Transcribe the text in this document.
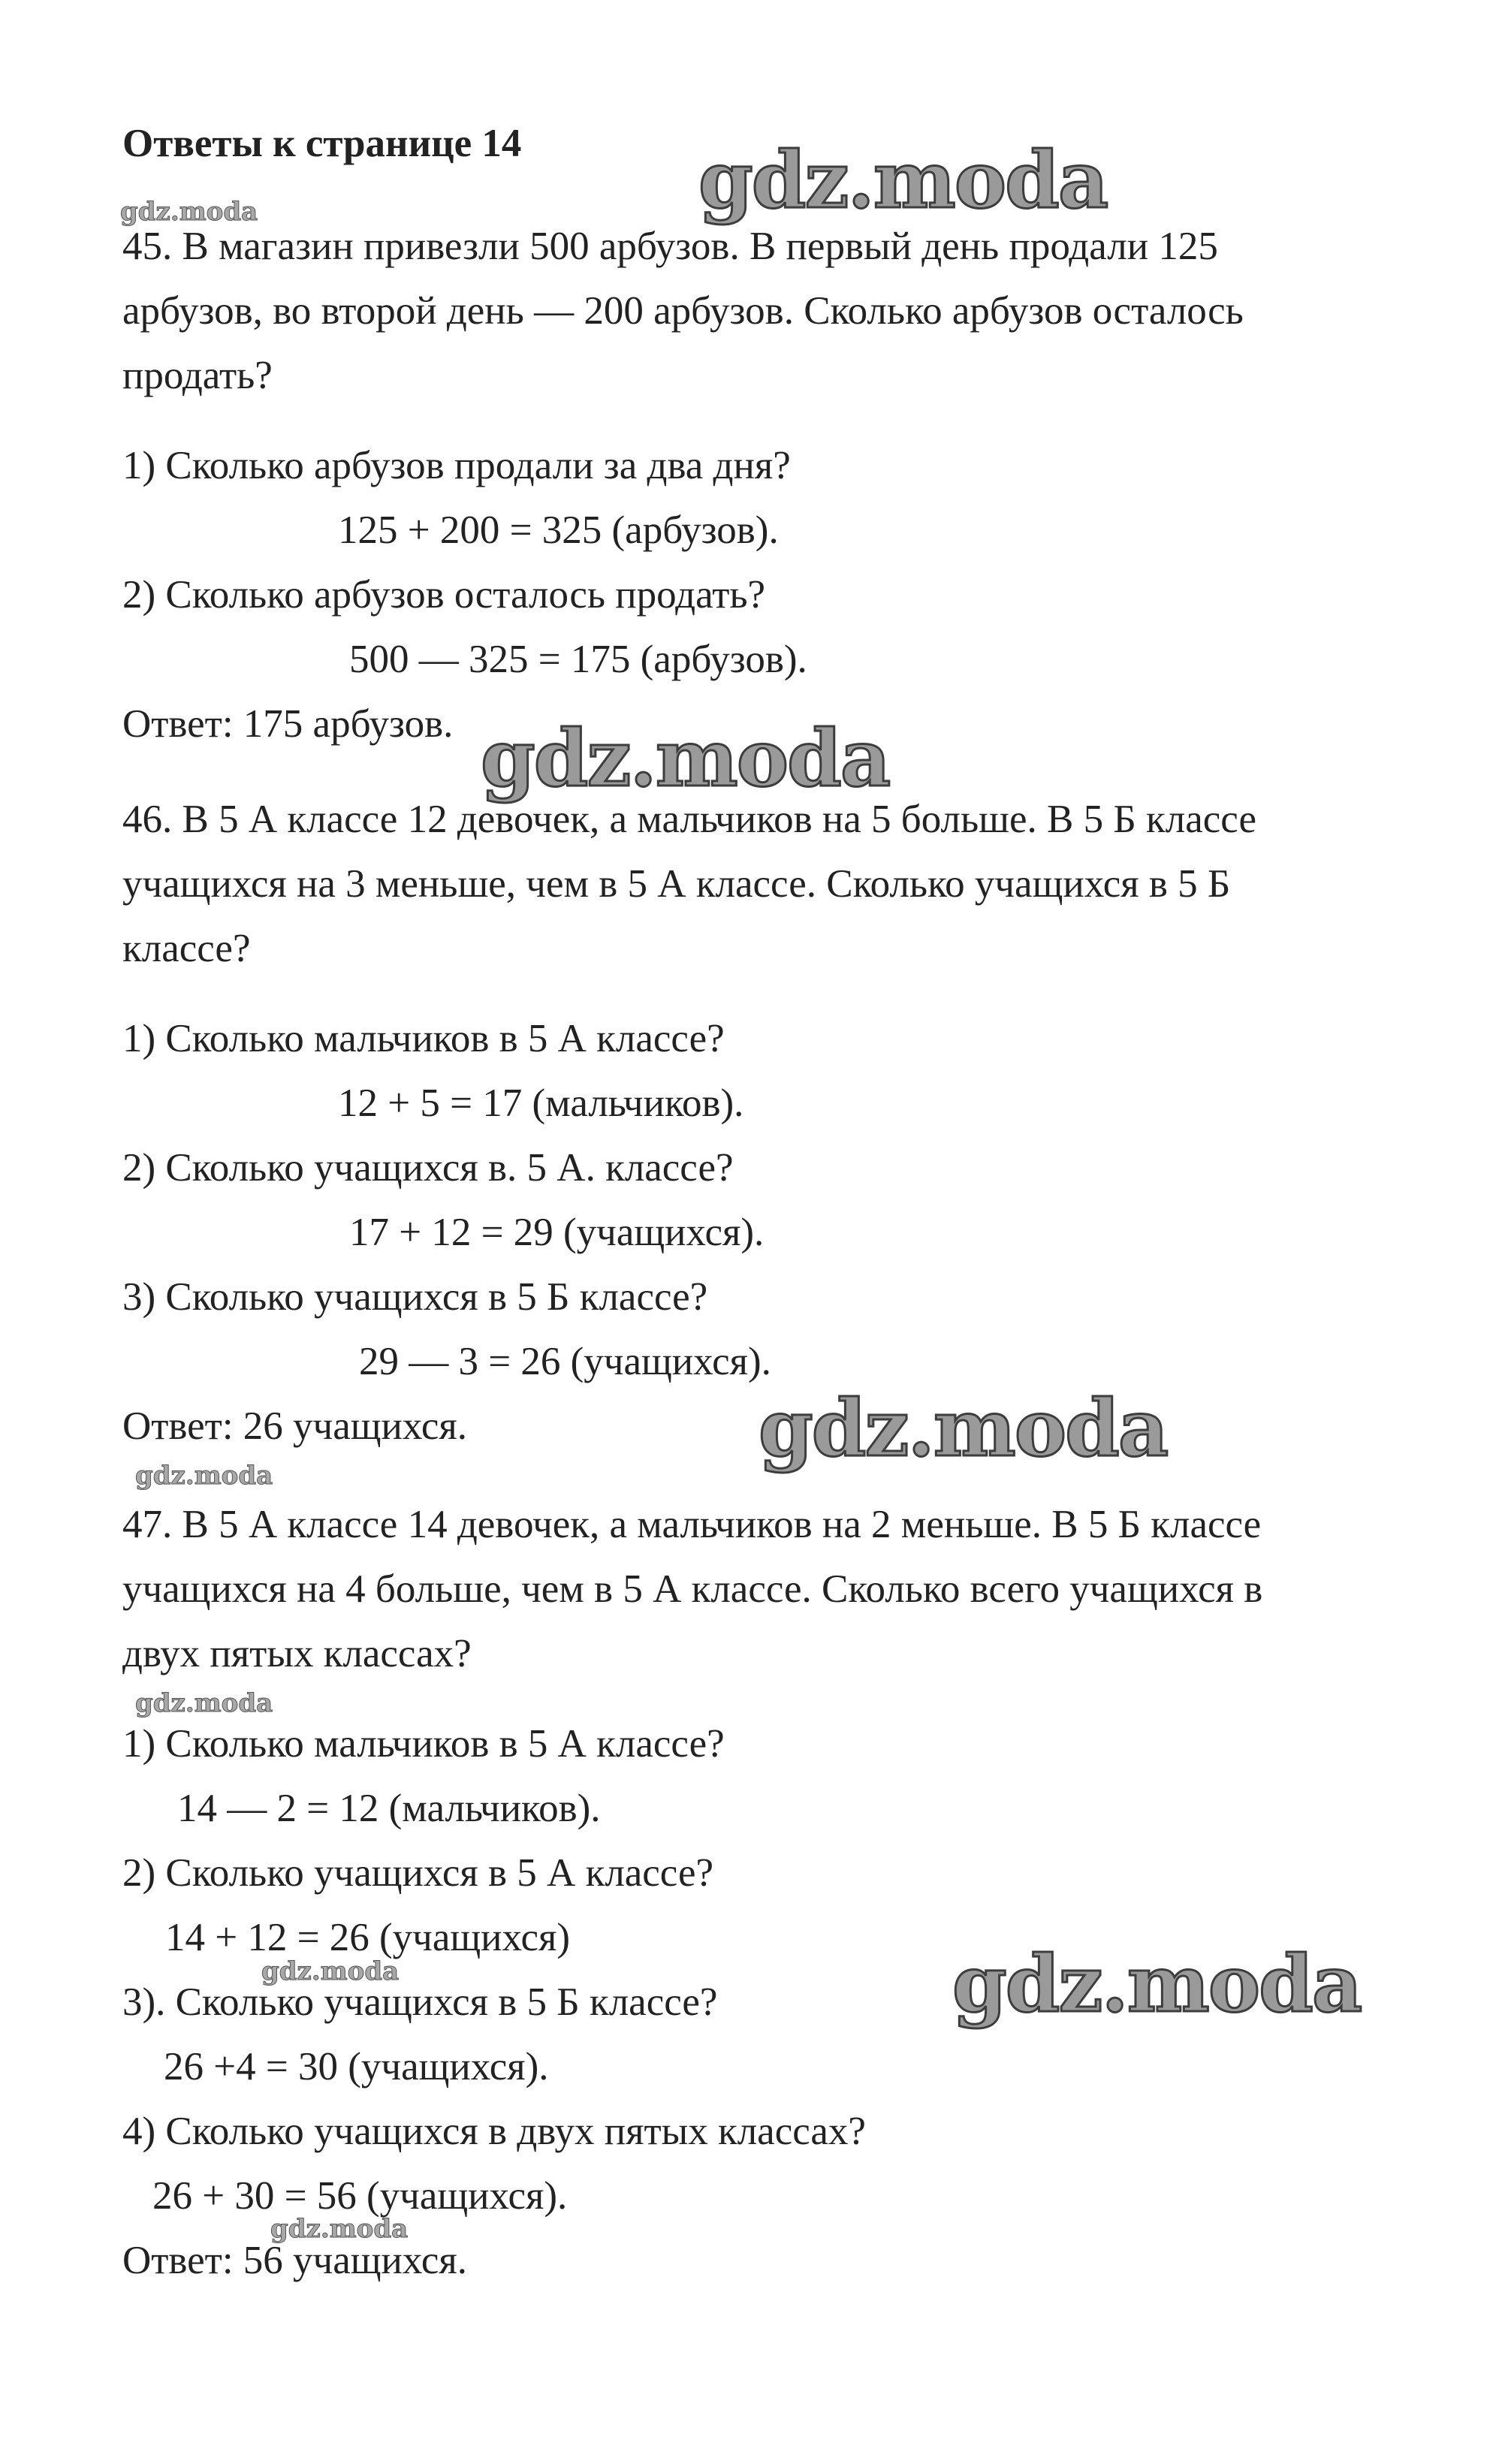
gdz.moda
gdz.moda
gdz.moda
gdz.moda
gdz.moda
gdz.moda
gdz.moda
gdz.moda
gdz.moda
Ответы к странице 14
45. В магазин привезли 500 арбузов. В первый день продали 125
арбузов, во второй день — 200 арбузов. Сколько арбузов осталось
продать?
1) Сколько арбузов продали за два дня?
125 + 200 = 325 (арбузов).
2) Сколько арбузов осталось продать?
500 — 325 = 175 (арбузов).
Ответ: 175 арбузов.
46. В 5 А классе 12 девочек, а мальчиков на 5 больше. В 5 Б классе
учащихся на 3 меньше, чем в 5 А классе. Сколько учащихся в 5 Б
классе?
1) Сколько мальчиков в 5 А классе?
12 + 5 = 17 (мальчиков).
2) Сколько учащихся в. 5 А. классе?
17 + 12 = 29 (учащихся).
3) Сколько учащихся в 5 Б классе?
29 — 3 = 26 (учащихся).
Ответ: 26 учащихся.
47. В 5 А классе 14 девочек, а мальчиков на 2 меньше. В 5 Б классе
учащихся на 4 больше, чем в 5 А классе. Сколько всего учащихся в
двух пятых классах?
1) Сколько мальчиков в 5 А классе?
14 — 2 = 12 (мальчиков).
2) Сколько учащихся в 5 А классе?
14 + 12 = 26 (учащихся)
3). Сколько учащихся в 5 Б классе?
26 +4 = 30 (учащихся).
4) Сколько учащихся в двух пятых классах?
26 + 30 = 56 (учащихся).
Ответ: 56 учащихся.
